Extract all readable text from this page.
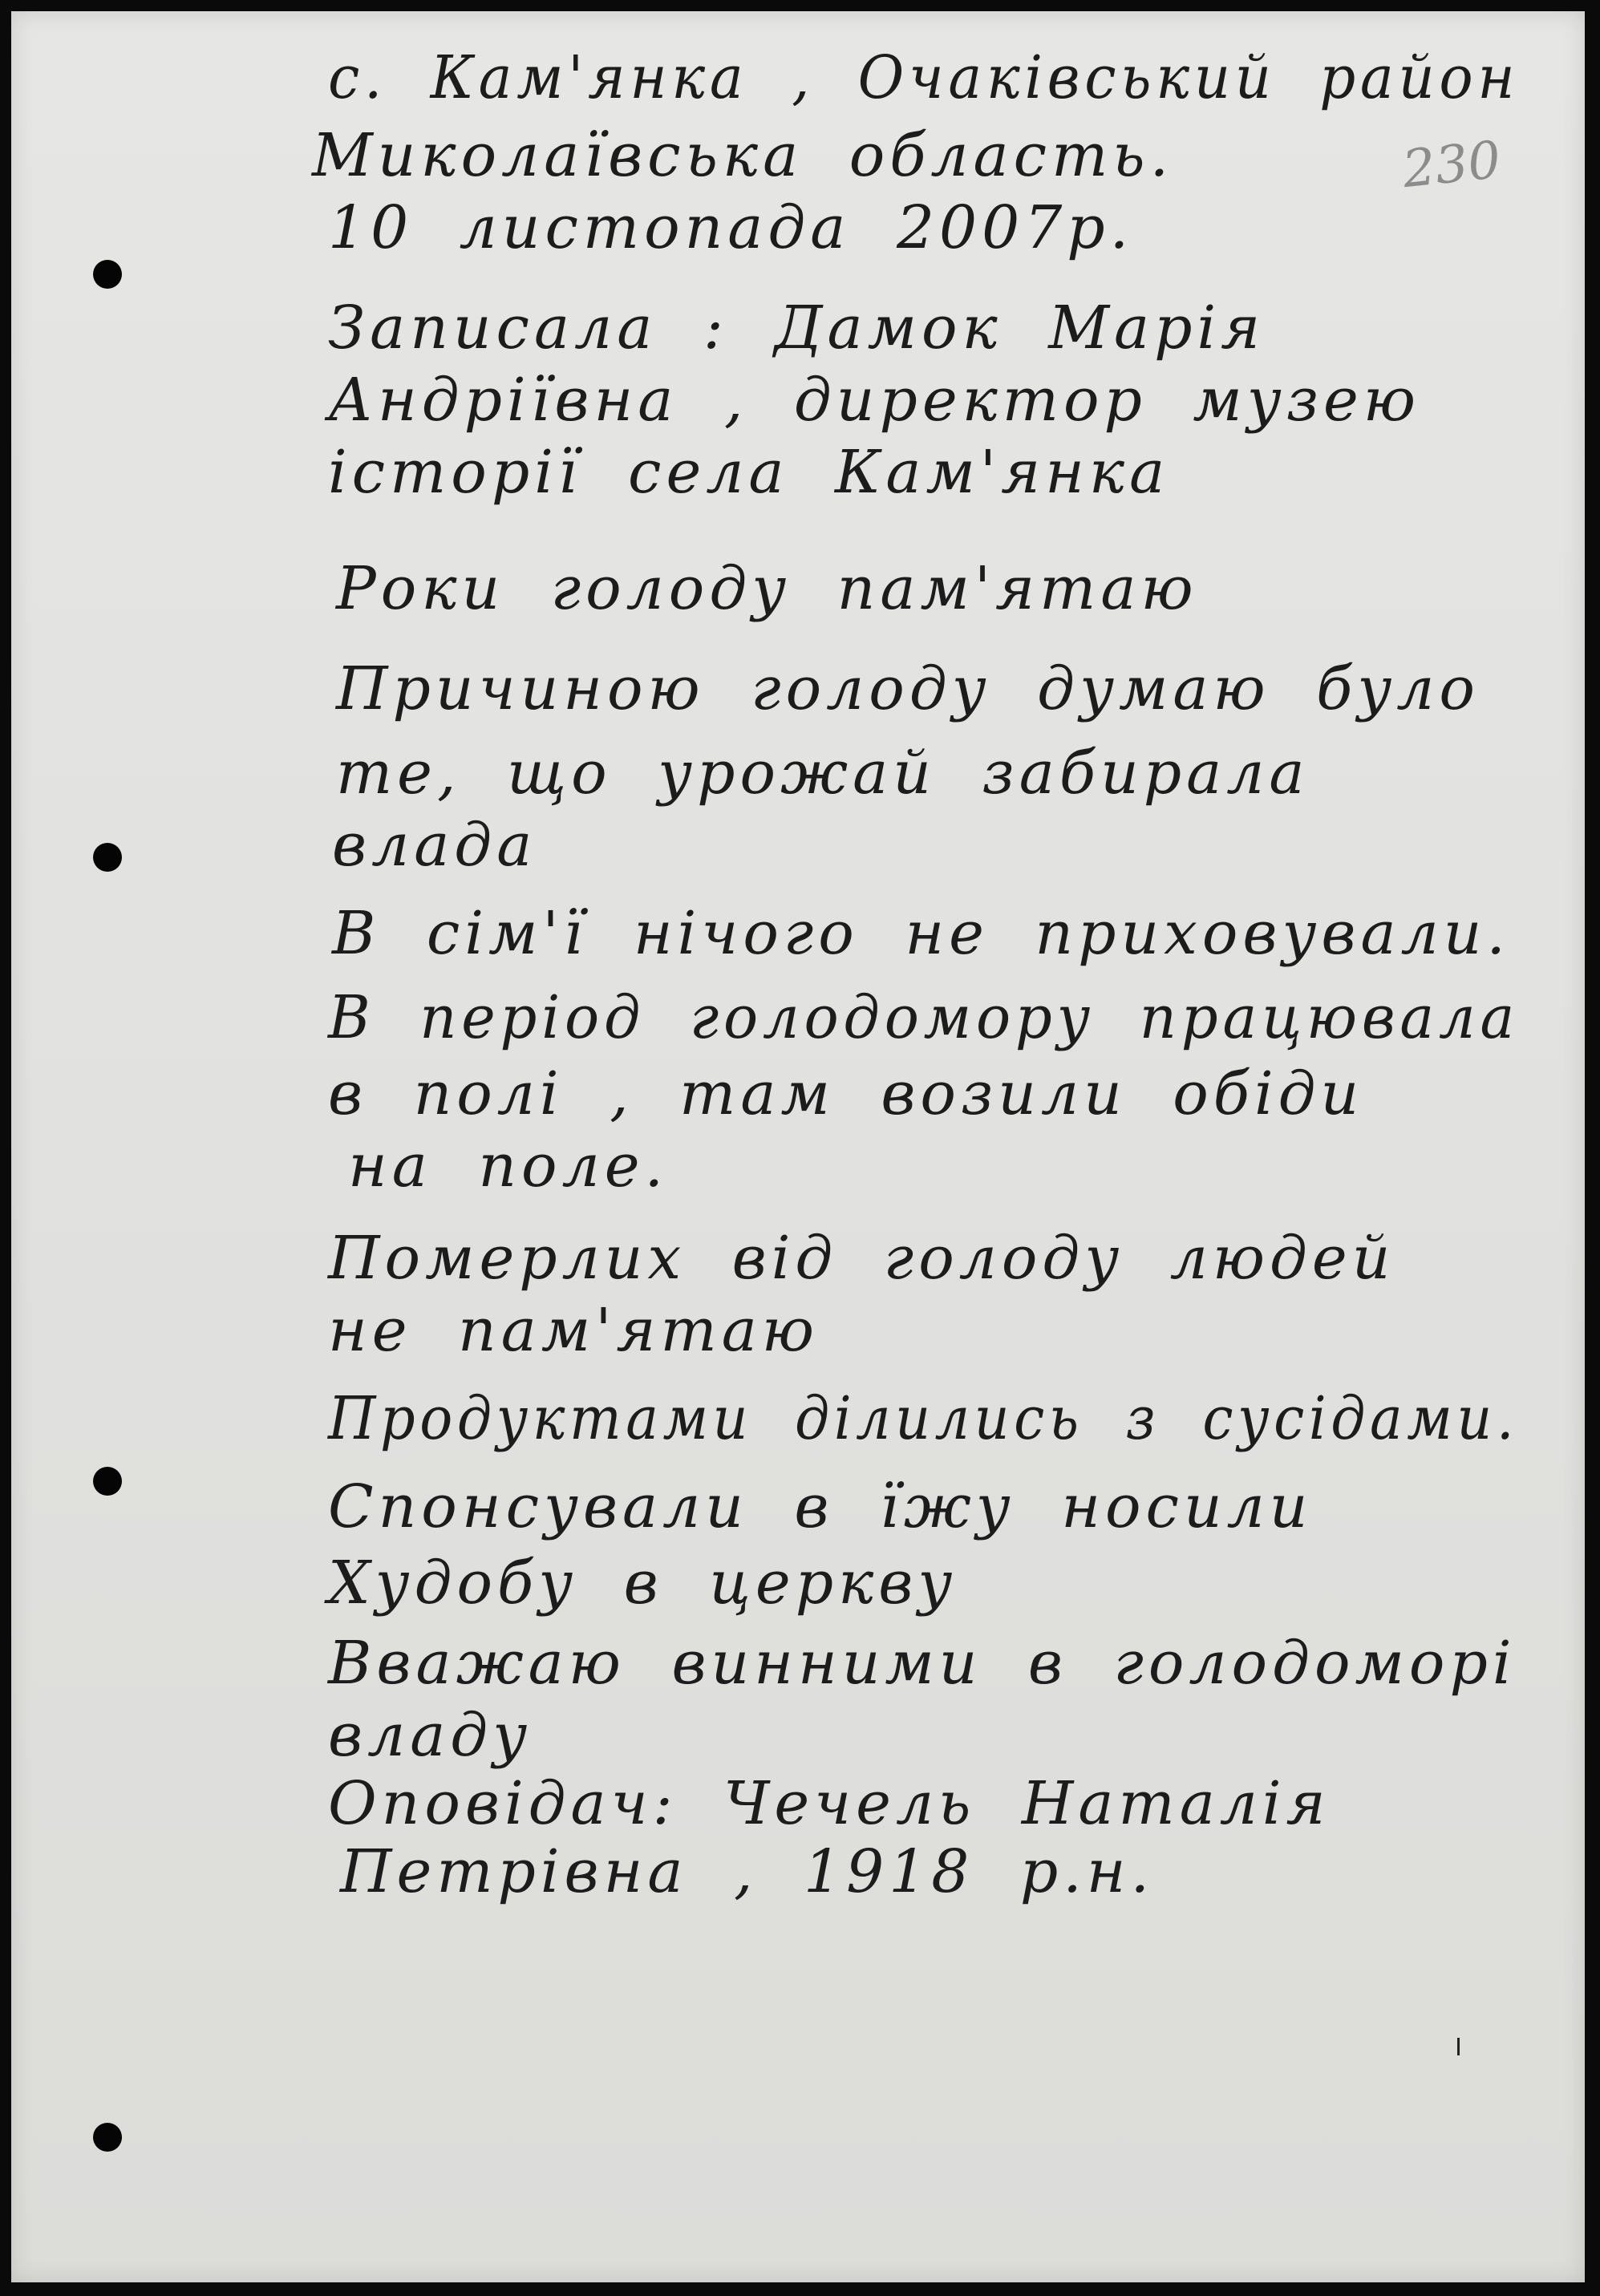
230

с. Кам'янка , Очаківський район

Миколаївська область.

10 листопада 2007р.

Записала : Дамок Марія

Андріївна , директор музею

історії села Кам'янка

Роки голоду пам'ятаю

Причиною голоду думаю було

те, що урожай забирала

влада

В сім'ї нічого не приховували.

В період голодомору працювала

в полі , там возили обіди

на поле.

Померлих від голоду людей

не пам'ятаю

Продуктами ділились з сусідами.

Спонсували в їжу носили

Худобу в церкву

Вважаю винними в голодоморі

владу

Оповідач: Чечель Наталія

Петрівна , 1918 р.н.
